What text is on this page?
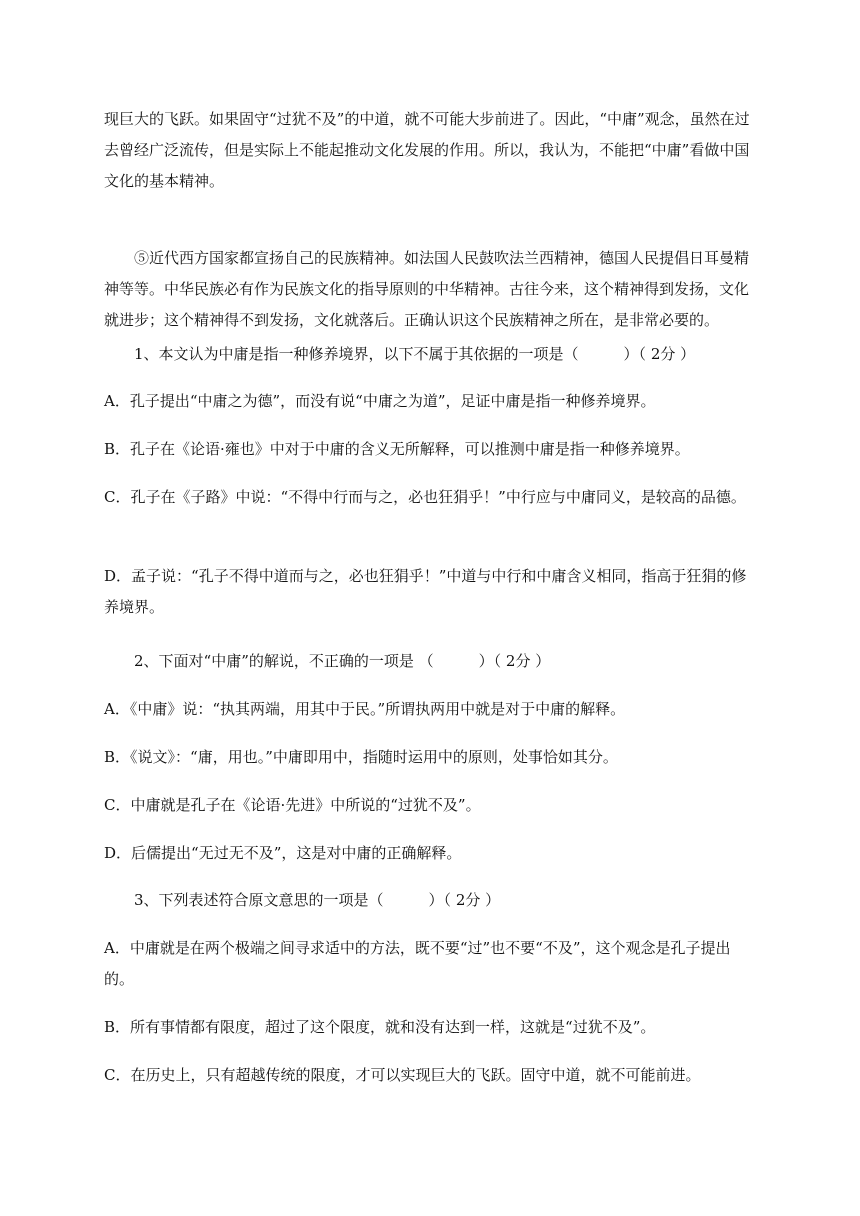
现巨大的飞跃。如果固守“过犹不及”的中道，就不可能大步前进了。因此，“中庸”观念，虽然在过去曾经广泛流传，但是实际上不能起推动文化发展的作用。所以，我认为，不能把“中庸”看做中国文化的基本精神。

⑤近代西方国家都宣扬自己的民族精神。如法国人民鼓吹法兰西精神，德国人民提倡日耳曼精神等等。中华民族必有作为民族文化的指导原则的中华精神。古往今来，这个精神得到发扬，文化就进步；这个精神得不到发扬，文化就落后。正确认识这个民族精神之所在，是非常必要的。

1、本文认为中庸是指一种修养境界，以下不属于其依据的一项是（　　　）（ 2分 ）

A．孔子提出“中庸之为德”，而没有说“中庸之为道”，足证中庸是指一种修养境界。

B．孔子在《论语·雍也》中对于中庸的含义无所解释，可以推测中庸是指一种修养境界。

C．孔子在《子路》中说：“不得中行而与之，必也狂狷乎！”中行应与中庸同义，是较高的品德。

D．孟子说：“孔子不得中道而与之，必也狂狷乎！”中道与中行和中庸含义相同，指高于狂狷的修养境界。

2、下面对“中庸”的解说，不正确的一项是 （　　　）（ 2分 ）

A．《中庸》说：“执其两端，用其中于民。”所谓执两用中就是对于中庸的解释。

B．《说文》：“庸，用也。”中庸即用中，指随时运用中的原则，处事恰如其分。

C．中庸就是孔子在《论语·先进》中所说的“过犹不及”。

D．后儒提出“无过无不及”，这是对中庸的正确解释。

3、下列表述符合原文意思的一项是（　　　）（ 2分 ）

A．中庸就是在两个极端之间寻求适中的方法，既不要“过”也不要“不及”，这个观念是孔子提出的。

B．所有事情都有限度，超过了这个限度，就和没有达到一样，这就是“过犹不及”。

C．在历史上，只有超越传统的限度，才可以实现巨大的飞跃。固守中道，就不可能前进。
